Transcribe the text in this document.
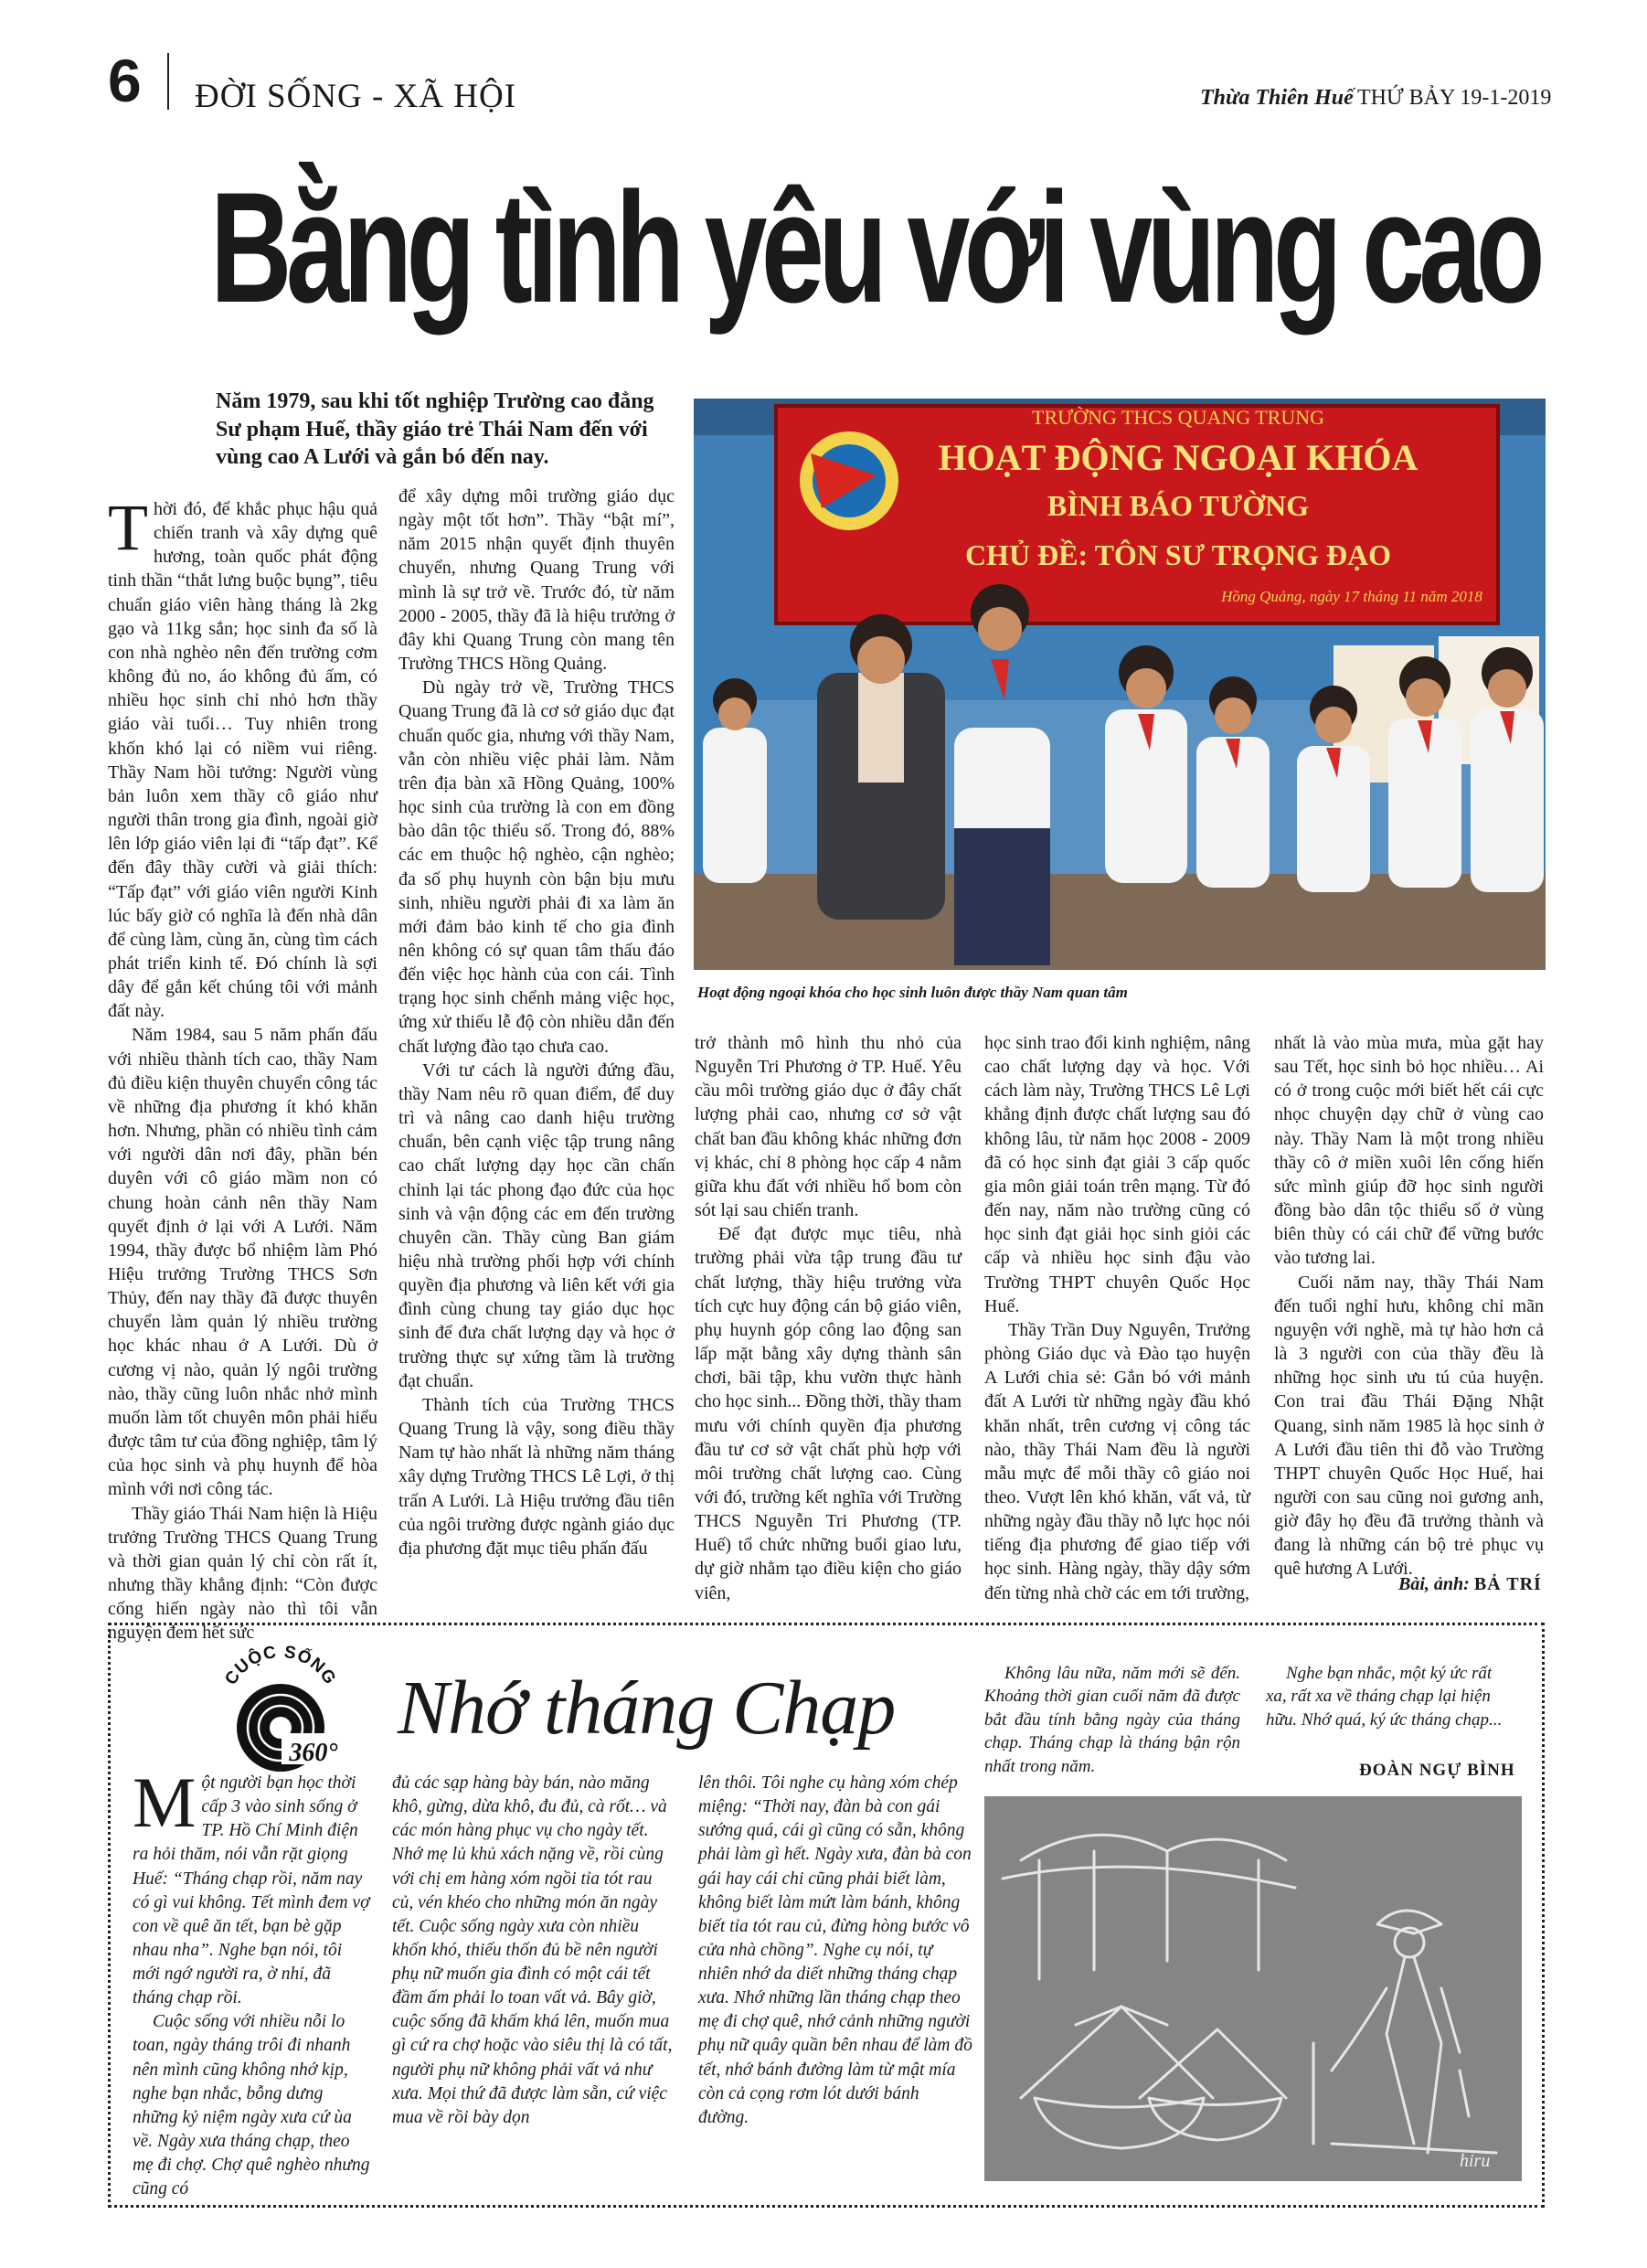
6 ĐỜI SỐNG - XÃ HỘI	Thừa Thiên Huế THỨ BẢY 19-1-2019
Bằng tình yêu với vùng cao
Năm 1979, sau khi tốt nghiệp Trường cao đẳng Sư phạm Huế, thầy giáo trẻ Thái Nam đến với vùng cao A Lưới và gắn bó đến nay.
TRƯỜNG THCS QUANG TRUNG
HOẠT ĐỘNG NGOẠI KHÓA
BÌNH BÁO TƯỜNG
CHỦ ĐỀ: TÔN SƯ TRỌNG ĐẠO
Hồng Quảng, ngày 17 tháng 11 năm 2018
Hoạt động ngoại khóa cho học sinh luôn được thầy Nam quan tâm

Thời đó, để khắc phục hậu quả chiến tranh và xây dựng quê hương, toàn quốc phát động tinh thần “thắt lưng buộc bụng”, tiêu chuẩn giáo viên hàng tháng là 2kg gạo và 11kg sắn; học sinh đa số là con nhà nghèo nên đến trường cơm không đủ no, áo không đủ ấm, có nhiều học sinh chỉ nhỏ hơn thầy giáo vài tuổi… Tuy nhiên trong khốn khó lại có niềm vui riêng. Thầy Nam hồi tưởng: Người vùng bản luôn xem thầy cô giáo như người thân trong gia đình, ngoài giờ lên lớp giáo viên lại đi “tấp đạt”. Kể đến đây thầy cười và giải thích: “Tấp đạt” với giáo viên người Kinh lúc bấy giờ có nghĩa là đến nhà dân để cùng làm, cùng ăn, cùng tìm cách phát triển kinh tế. Đó chính là sợi dây để gắn kết chúng tôi với mảnh đất này.

Năm 1984, sau 5 năm phấn đấu với nhiều thành tích cao, thầy Nam đủ điều kiện thuyên chuyển công tác về những địa phương ít khó khăn hơn. Nhưng, phần có nhiều tình cảm với người dân nơi đây, phần bén duyên với cô giáo mầm non có chung hoàn cảnh nên thầy Nam quyết định ở lại với A Lưới. Năm 1994, thầy được bổ nhiệm làm Phó Hiệu trưởng Trường THCS Sơn Thủy, đến nay thầy đã được thuyên chuyển làm quản lý nhiều trường học khác nhau ở A Lưới. Dù ở cương vị nào, quản lý ngôi trường nào, thầy cũng luôn nhắc nhở mình muốn làm tốt chuyên môn phải hiểu được tâm tư của đồng nghiệp, tâm lý của học sinh và phụ huynh để hòa mình với nơi công tác.

Thầy giáo Thái Nam hiện là Hiệu trưởng Trường THCS Quang Trung và thời gian quản lý chỉ còn rất ít, nhưng thầy khẳng định: “Còn được cống hiến ngày nào thì tôi vẫn nguyện đem hết sức

để xây dựng môi trường giáo dục ngày một tốt hơn”. Thầy “bật mí”, năm 2015 nhận quyết định thuyên chuyển, nhưng Quang Trung với mình là sự trở về. Trước đó, từ năm 2000 - 2005, thầy đã là hiệu trưởng ở đây khi Quang Trung còn mang tên Trường THCS Hồng Quảng.

Dù ngày trở về, Trường THCS Quang Trung đã là cơ sở giáo dục đạt chuẩn quốc gia, nhưng với thầy Nam, vẫn còn nhiều việc phải làm. Nằm trên địa bàn xã Hồng Quảng, 100% học sinh của trường là con em đồng bào dân tộc thiểu số. Trong đó, 88% các em thuộc hộ nghèo, cận nghèo; đa số phụ huynh còn bận bịu mưu sinh, nhiều người phải đi xa làm ăn mới đảm bảo kinh tế cho gia đình nên không có sự quan tâm thấu đáo đến việc học hành của con cái. Tình trạng học sinh chểnh mảng việc học, ứng xử thiếu lễ độ còn nhiều dẫn đến chất lượng đào tạo chưa cao.

Với tư cách là người đứng đầu, thầy Nam nêu rõ quan điểm, để duy trì và nâng cao danh hiệu trường chuẩn, bên cạnh việc tập trung nâng cao chất lượng dạy học cần chấn chỉnh lại tác phong đạo đức của học sinh và vận động các em đến trường chuyên cần. Thầy cùng Ban giám hiệu nhà trường phối hợp với chính quyền địa phương và liên kết với gia đình cùng chung tay giáo dục học sinh để đưa chất lượng dạy và học ở trường thực sự xứng tầm là trường đạt chuẩn.

Thành tích của Trường THCS Quang Trung là vậy, song điều thầy Nam tự hào nhất là những năm tháng xây dựng Trường THCS Lê Lợi, ở thị trấn A Lưới. Là Hiệu trưởng đầu tiên của ngôi trường được ngành giáo dục địa phương đặt mục tiêu phấn đấu

trở thành mô hình thu nhỏ của Nguyễn Tri Phương ở TP. Huế. Yêu cầu môi trường giáo dục ở đây chất lượng phải cao, nhưng cơ sở vật chất ban đầu không khác những đơn vị khác, chỉ 8 phòng học cấp 4 nằm giữa khu đất với nhiều hố bom còn sót lại sau chiến tranh.

Để đạt được mục tiêu, nhà trường phải vừa tập trung đầu tư chất lượng, thầy hiệu trưởng vừa tích cực huy động cán bộ giáo viên, phụ huynh góp công lao động san lấp mặt bằng xây dựng thành sân chơi, bãi tập, khu vườn thực hành cho học sinh... Đồng thời, thầy tham mưu với chính quyền địa phương đầu tư cơ sở vật chất phù hợp với môi trường chất lượng cao. Cùng với đó, trường kết nghĩa với Trường THCS Nguyễn Tri Phương (TP. Huế) tổ chức những buổi giao lưu, dự giờ nhằm tạo điều kiện cho giáo viên,

học sinh trao đổi kinh nghiệm, nâng cao chất lượng dạy và học. Với cách làm này, Trường THCS Lê Lợi khẳng định được chất lượng sau đó không lâu, từ năm học 2008 - 2009 đã có học sinh đạt giải 3 cấp quốc gia môn giải toán trên mạng. Từ đó đến nay, năm nào trường cũng có học sinh đạt giải học sinh giỏi các cấp và nhiều học sinh đậu vào Trường THPT chuyên Quốc Học Huế.

Thầy Trần Duy Nguyên, Trưởng phòng Giáo dục và Đào tạo huyện A Lưới chia sẻ: Gắn bó với mảnh đất A Lưới từ những ngày đầu khó khăn nhất, trên cương vị công tác nào, thầy Thái Nam đều là người mẫu mực để mỗi thầy cô giáo noi theo. Vượt lên khó khăn, vất vả, từ những ngày đầu thầy nỗ lực học nói tiếng địa phương để giao tiếp với học sinh. Hàng ngày, thầy dậy sớm đến từng nhà chờ các em tới trường,

nhất là vào mùa mưa, mùa gặt hay sau Tết, học sinh bỏ học nhiều… Ai có ở trong cuộc mới biết hết cái cực nhọc chuyện dạy chữ ở vùng cao này. Thầy Nam là một trong nhiều thầy cô ở miền xuôi lên cống hiến sức mình giúp đỡ học sinh người đồng bào dân tộc thiểu số ở vùng biên thùy có cái chữ để vững bước vào tương lai.

Cuối năm nay, thầy Thái Nam đến tuổi nghỉ hưu, không chỉ mãn nguyện với nghề, mà tự hào hơn cả là 3 người con của thầy đều là những học sinh ưu tú của huyện. Con trai đầu Thái Đặng Nhật Quang, sinh năm 1985 là học sinh ở A Lưới đầu tiên thi đỗ vào Trường THPT chuyên Quốc Học Huế, hai người con sau cũng noi gương anh, giờ đây họ đều đã trưởng thành và đang là những cán bộ trẻ phục vụ quê hương A Lưới.

Bài, ảnh: BẢ TRÍ
CUỘC SỐNG
360°
Nhớ tháng Chạp

Một người bạn học thời cấp 3 vào sinh sống ở TP. Hồ Chí Minh điện ra hỏi thăm, nói vẫn rặt giọng Huế: “Tháng chạp rồi, năm nay có gì vui không. Tết mình đem vợ con về quê ăn tết, bạn bè gặp nhau nha”. Nghe bạn nói, tôi mới ngớ người ra, ờ nhỉ, đã tháng chạp rồi.

Cuộc sống với nhiều nỗi lo toan, ngày tháng trôi đi nhanh nên mình cũng không nhớ kịp, nghe bạn nhắc, bỗng dưng những kỷ niệm ngày xưa cứ ùa về. Ngày xưa tháng chạp, theo mẹ đi chợ. Chợ quê nghèo nhưng cũng có

đủ các sạp hàng bày bán, nào măng khô, gừng, dừa khô, đu đủ, cà rốt… và các món hàng phục vụ cho ngày tết. Nhớ mẹ lủ khủ xách nặng về, rồi cùng với chị em hàng xóm ngồi tỉa tót rau củ, vén khéo cho những món ăn ngày tết. Cuộc sống ngày xưa còn nhiều khốn khó, thiếu thốn đủ bề nên người phụ nữ muốn gia đình có một cái tết đầm ấm phải lo toan vất vả. Bây giờ, cuộc sống đã khấm khá lên, muốn mua gì cứ ra chợ hoặc vào siêu thị là có tất, người phụ nữ không phải vất vả như xưa. Mọi thứ đã được làm sẵn, cứ việc mua về rồi bày dọn

lên thôi. Tôi nghe cụ hàng xóm chép miệng: “Thời nay, đàn bà con gái sướng quá, cái gì cũng có sẵn, không phải làm gì hết. Ngày xưa, đàn bà con gái hay cái chi cũng phải biết làm, không biết làm mứt làm bánh, không biết tỉa tót rau củ, đừng hòng bước vô cửa nhà chồng”. Nghe cụ nói, tự nhiên nhớ da diết những tháng chạp xưa. Nhớ những lần tháng chạp theo mẹ đi chợ quê, nhớ cảnh những người phụ nữ quây quần bên nhau để làm đồ tết, nhớ bánh đường làm từ mật mía còn cả cọng rơm lót dưới bánh đường.

Không lâu nữa, năm mới sẽ đến. Khoảng thời gian cuối năm đã được bắt đầu tính bằng ngày của tháng chạp. Tháng chạp là tháng bận rộn nhất trong năm.

Nghe bạn nhắc, một ký ức rất xa, rất xa về tháng chạp lại hiện hữu. Nhớ quá, ký ức tháng chạp...

ĐOÀN NGỰ BÌNH
hiru
